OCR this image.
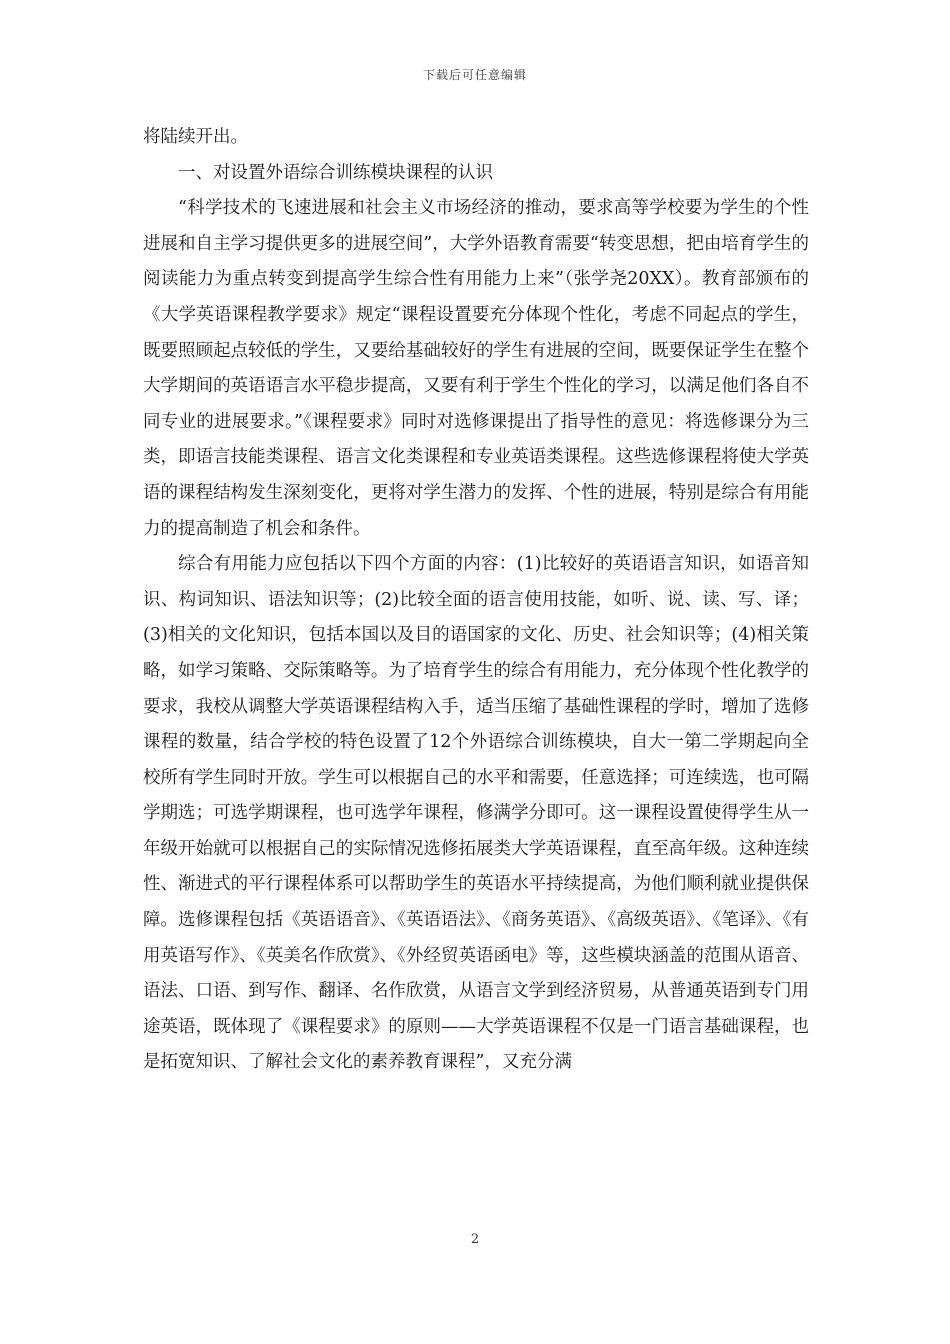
下载后可任意编辑

将陆续开出。

一、对设置外语综合训练模块课程的认识

“科学技术的飞速进展和社会主义市场经济的推动，要求高等学校要为学生的个性进展和自主学习提供更多的进展空间”，大学外语教育需要“转变思想，把由培育学生的阅读能力为重点转变到提高学生综合性有用能力上来”（张学尧20XX）。教育部颁布的《大学英语课程教学要求》规定“课程设置要充分体现个性化，考虑不同起点的学生，既要照顾起点较低的学生，又要给基础较好的学生有进展的空间，既要保证学生在整个大学期间的英语语言水平稳步提高，又要有利于学生个性化的学习，以满足他们各自不同专业的进展要求。”《课程要求》同时对选修课提出了指导性的意见：将选修课分为三类，即语言技能类课程、语言文化类课程和专业英语类课程。这些选修课程将使大学英语的课程结构发生深刻变化，更将对学生潜力的发挥、个性的进展，特别是综合有用能力的提高制造了机会和条件。

综合有用能力应包括以下四个方面的内容：(1)比较好的英语语言知识，如语音知识、构词知识、语法知识等；(2)比较全面的语言使用技能，如听、说、读、写、译；(3)相关的文化知识，包括本国以及目的语国家的文化、历史、社会知识等；(4)相关策略，如学习策略、交际策略等。为了培育学生的综合有用能力，充分体现个性化教学的要求，我校从调整大学英语课程结构入手，适当压缩了基础性课程的学时，增加了选修课程的数量，结合学校的特色设置了12个外语综合训练模块，自大一第二学期起向全校所有学生同时开放。学生可以根据自己的水平和需要，任意选择；可连续选，也可隔学期选；可选学期课程，也可选学年课程，修满学分即可。这一课程设置使得学生从一年级开始就可以根据自己的实际情况选修拓展类大学英语课程，直至高年级。这种连续性、渐进式的平行课程体系可以帮助学生的英语水平持续提高，为他们顺利就业提供保障。选修课程包括《英语语音》、《英语语法》、《商务英语》、《高级英语》、《笔译》、《有用英语写作》、《英美名作欣赏》、《外经贸英语函电》等，这些模块涵盖的范围从语音、语法、口语、到写作、翻译、名作欣赏，从语言文学到经济贸易，从普通英语到专门用途英语，既体现了《课程要求》的原则——大学英语课程不仅是一门语言基础课程，也是拓宽知识、了解社会文化的素养教育课程”，又充分满

2
